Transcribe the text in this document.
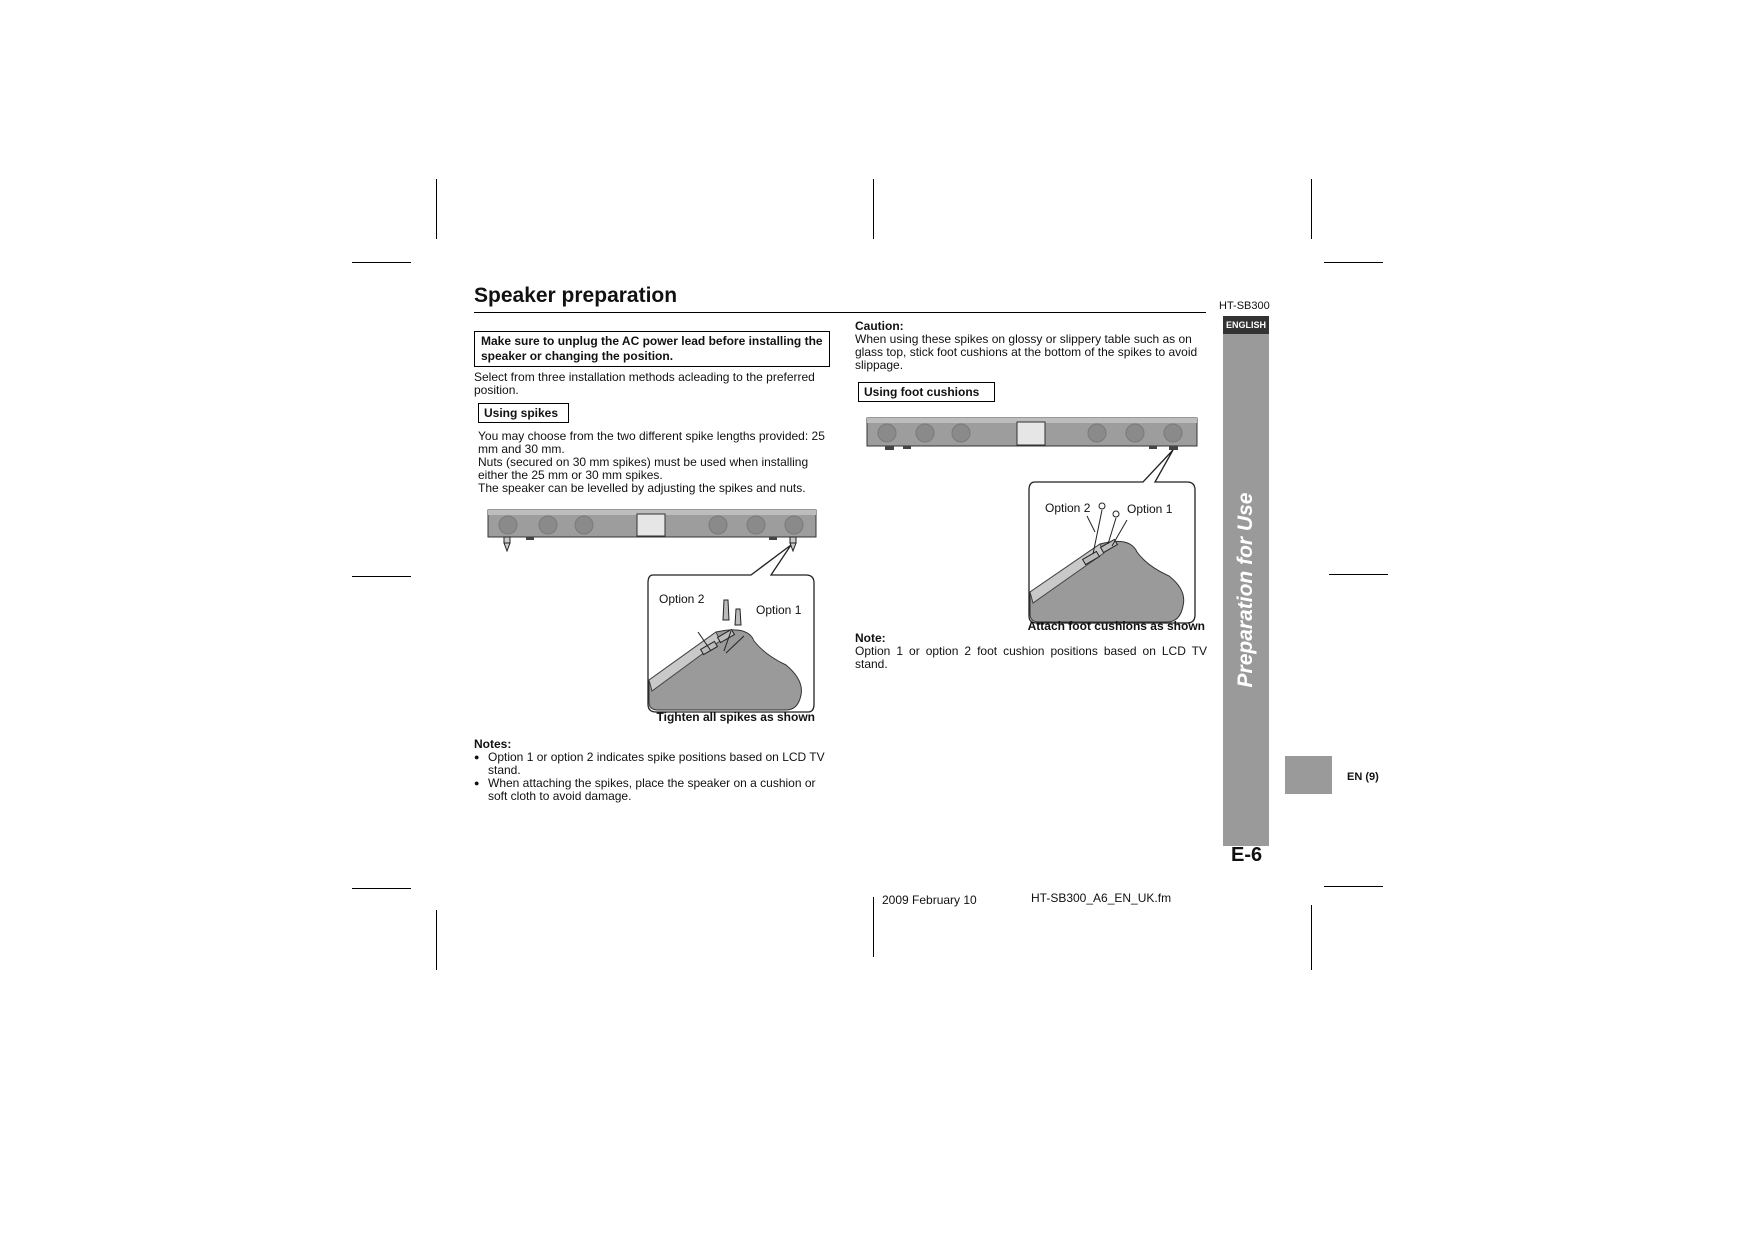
Speaker preparation	HT-SB300
ENGLISH
Preparation for Use
E-6
EN (9)
Make sure to unplug the AC power lead before installing the speaker or changing the position.
Select from three installation methods acleading to the preferred position.
Using spikes
You may choose from the two different spike lengths provided: 25 mm and 30 mm.
Nuts (secured on 30 mm spikes) must be used when installing either the 25 mm or 30 mm spikes.
The speaker can be levelled by adjusting the spikes and nuts.
Option 2
Option 1
Tighten all spikes as shown
Notes:
● Option 1 or option 2 indicates spike positions based on LCD TV stand.
● When attaching the spikes, place the speaker on a cushion or soft cloth to avoid damage.
Caution:
When using these spikes on glossy or slippery table such as on glass top, stick foot cushions at the bottom of the spikes to avoid slippage.
Using foot cushions
Option 2	Option 1
Attach foot cushions as shown
Note:
Option 1 or option 2 foot cushion positions based on LCD TV stand.
2009 February 10	HT-SB300_A6_EN_UK.fm
